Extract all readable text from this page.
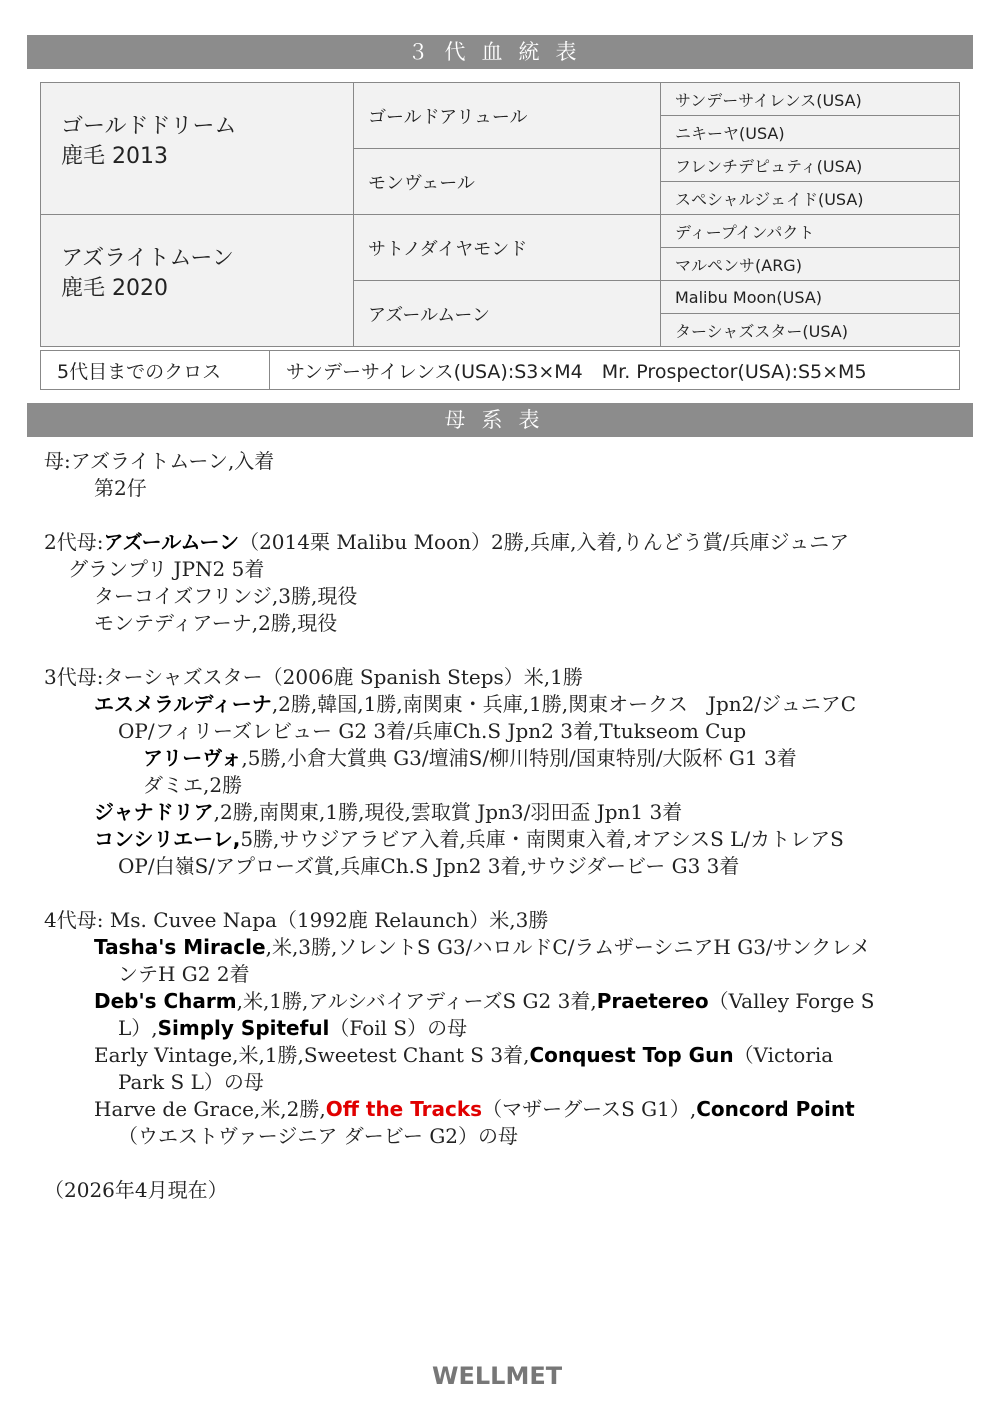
３代血統表
ゴールドドリーム
鹿毛 2013	ゴールドアリュール	サンデーサイレンス(USA)
		ニキーヤ(USA)
	モンヴェール	フレンチデピュティ(USA)
		スペシャルジェイド(USA)

アズライトムーン
鹿毛 2020	サトノダイヤモンド	ディープインパクト
		マルペンサ(ARG)
	アズールムーン	Malibu Moon(USA)
		ターシャズスター(USA)
5代目までのクロス	サンデーサイレンス(USA):S3×M4　Mr. Prospector(USA):S5×M5
母系表
母:アズライトムーン,入着
第2仔
2代母:アズールムーン（2014栗 Malibu Moon）2勝,兵庫,入着,りんどう賞/兵庫ジュニア
グランプリ JPN2 5着
ターコイズフリンジ,3勝,現役
モンテディアーナ,2勝,現役
3代母:ターシャズスター（2006鹿 Spanish Steps）米,1勝
エスメラルディーナ,2勝,韓国,1勝,南関東・兵庫,1勝,関東オークス　Jpn2/ジュニアC
OP/フィリーズレビュー G2 3着/兵庫Ch.S Jpn2 3着,Ttukseom Cup
アリーヴォ,5勝,小倉大賞典 G3/壇浦S/柳川特別/国東特別/大阪杯 G1 3着
ダミエ,2勝
ジャナドリア,2勝,南関東,1勝,現役,雲取賞 Jpn3/羽田盃 Jpn1 3着
コンシリエーレ,5勝,サウジアラビア入着,兵庫・南関東入着,オアシスS L/カトレアS
OP/白嶺S/アプローズ賞,兵庫Ch.S Jpn2 3着,サウジダービー G3 3着
4代母: Ms. Cuvee Napa（1992鹿 Relaunch）米,3勝
Tasha's Miracle,米,3勝,ソレントS G3/ハロルドC/ラムザーシニアH G3/サンクレメ
ンテH G2 2着
Deb's Charm,米,1勝,アルシバイアディーズS G2 3着,Praetereo（Valley Forge S
L）,Simply Spiteful（Foil S）の母
Early Vintage,米,1勝,Sweetest Chant S 3着,Conquest Top Gun（Victoria
Park S L）の母
Harve de Grace,米,2勝,Off the Tracks（マザーグースS G1）,Concord Point
（ウエストヴァージニア ダービー G2）の母
（2026年4月現在）
WELLMET
